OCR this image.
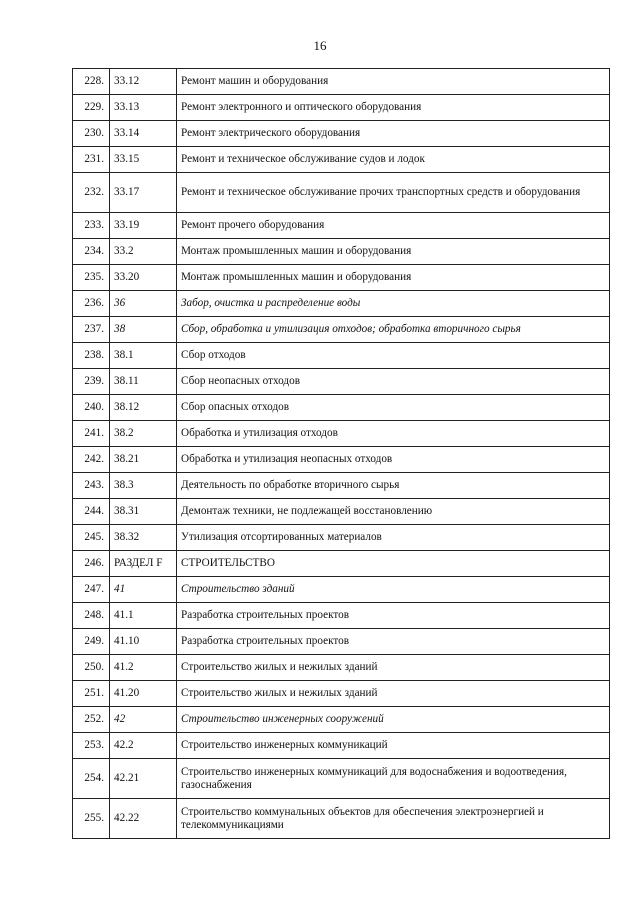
16
228.	33.12	Ремонт машин и оборудования
229.	33.13	Ремонт электронного и оптического оборудования
230.	33.14	Ремонт электрического оборудования
231.	33.15	Ремонт и техническое обслуживание судов и лодок
232.	33.17	Ремонт и техническое обслуживание прочих транспортных средств и оборудования
233.	33.19	Ремонт прочего оборудования
234.	33.2	Монтаж промышленных машин и оборудования
235.	33.20	Монтаж промышленных машин и оборудования
236.	36	Забор, очистка и распределение воды
237.	38	Сбор, обработка и утилизация отходов; обработка вторичного сырья
238.	38.1	Сбор отходов
239.	38.11	Сбор неопасных отходов
240.	38.12	Сбор опасных отходов
241.	38.2	Обработка и утилизация отходов
242.	38.21	Обработка и утилизация неопасных отходов
243.	38.3	Деятельность по обработке вторичного сырья
244.	38.31	Демонтаж техники, не подлежащей восстановлению
245.	38.32	Утилизация отсортированных материалов
246.	РАЗДЕЛ F	СТРОИТЕЛЬСТВО
247.	41	Строительство зданий
248.	41.1	Разработка строительных проектов
249.	41.10	Разработка строительных проектов
250.	41.2	Строительство жилых и нежилых зданий
251.	41.20	Строительство жилых и нежилых зданий
252.	42	Строительство инженерных сооружений
253.	42.2	Строительство инженерных коммуникаций
254.	42.21	Строительство инженерных коммуникаций для водоснабжения и водоотведения, газоснабжения
255.	42.22	Строительство коммунальных объектов для обеспечения электроэнергией и телекоммуникациями
